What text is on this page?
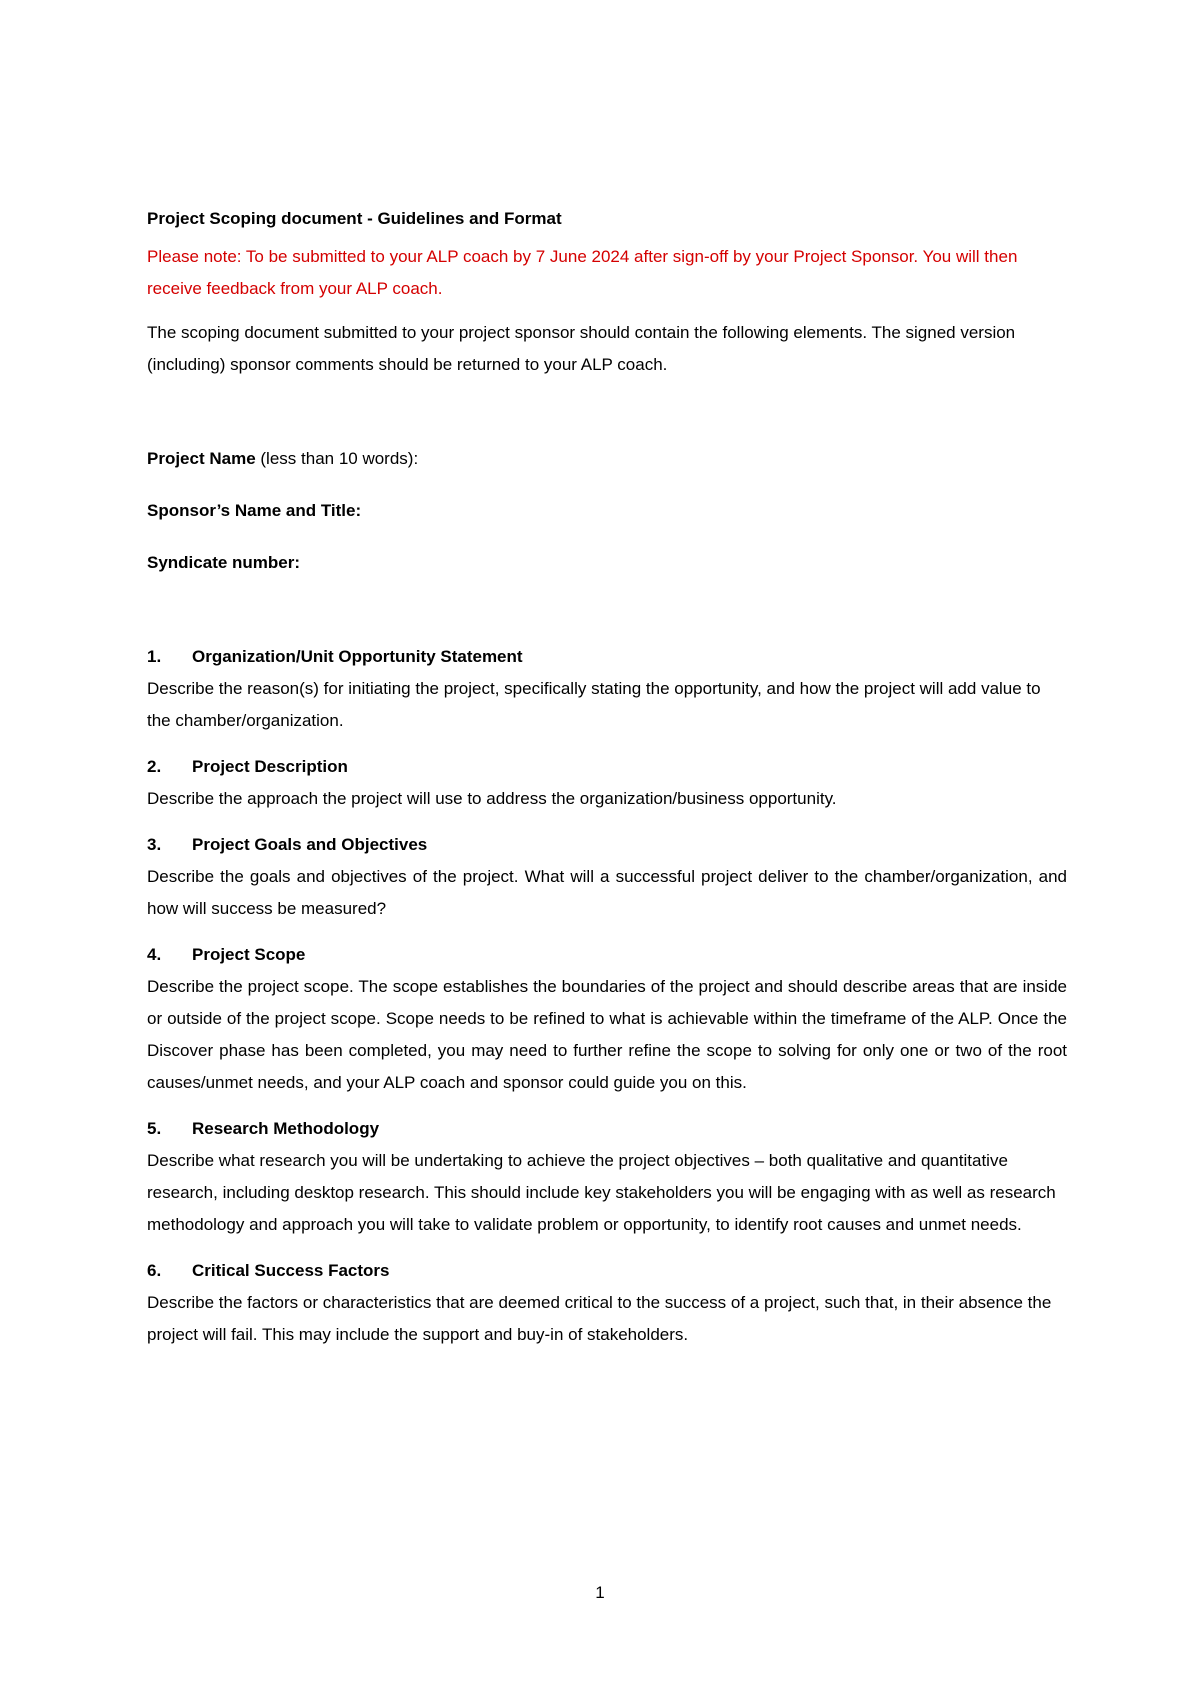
Project Scoping document - Guidelines and Format

Please note: To be submitted to your ALP coach by 7 June 2024 after sign-off by your Project Sponsor. You will then receive feedback from your ALP coach.

The scoping document submitted to your project sponsor should contain the following elements. The signed version (including) sponsor comments should be returned to your ALP coach.

Project Name (less than 10 words):

Sponsor’s Name and Title:

Syndicate number:

1.	Organization/Unit Opportunity Statement

Describe the reason(s) for initiating the project, specifically stating the opportunity, and how the project will add value to the chamber/organization.

2.	Project Description

Describe the approach the project will use to address the organization/business opportunity.

3.	Project Goals and Objectives

Describe the goals and objectives of the project. What will a successful project deliver to the chamber/organization, and how will success be measured?

4.	Project Scope

Describe the project scope. The scope establishes the boundaries of the project and should describe areas that are inside or outside of the project scope. Scope needs to be refined to what is achievable within the timeframe of the ALP. Once the Discover phase has been completed, you may need to further refine the scope to solving for only one or two of the root causes/unmet needs, and your ALP coach and sponsor could guide you on this.

5.	Research Methodology

Describe what research you will be undertaking to achieve the project objectives – both qualitative and quantitative research, including desktop research. This should include key stakeholders you will be engaging with as well as research methodology and approach you will take to validate problem or opportunity, to identify root causes and unmet needs.

6.	Critical Success Factors

Describe the factors or characteristics that are deemed critical to the success of a project, such that, in their absence the project will fail. This may include the support and buy-in of stakeholders.

1
